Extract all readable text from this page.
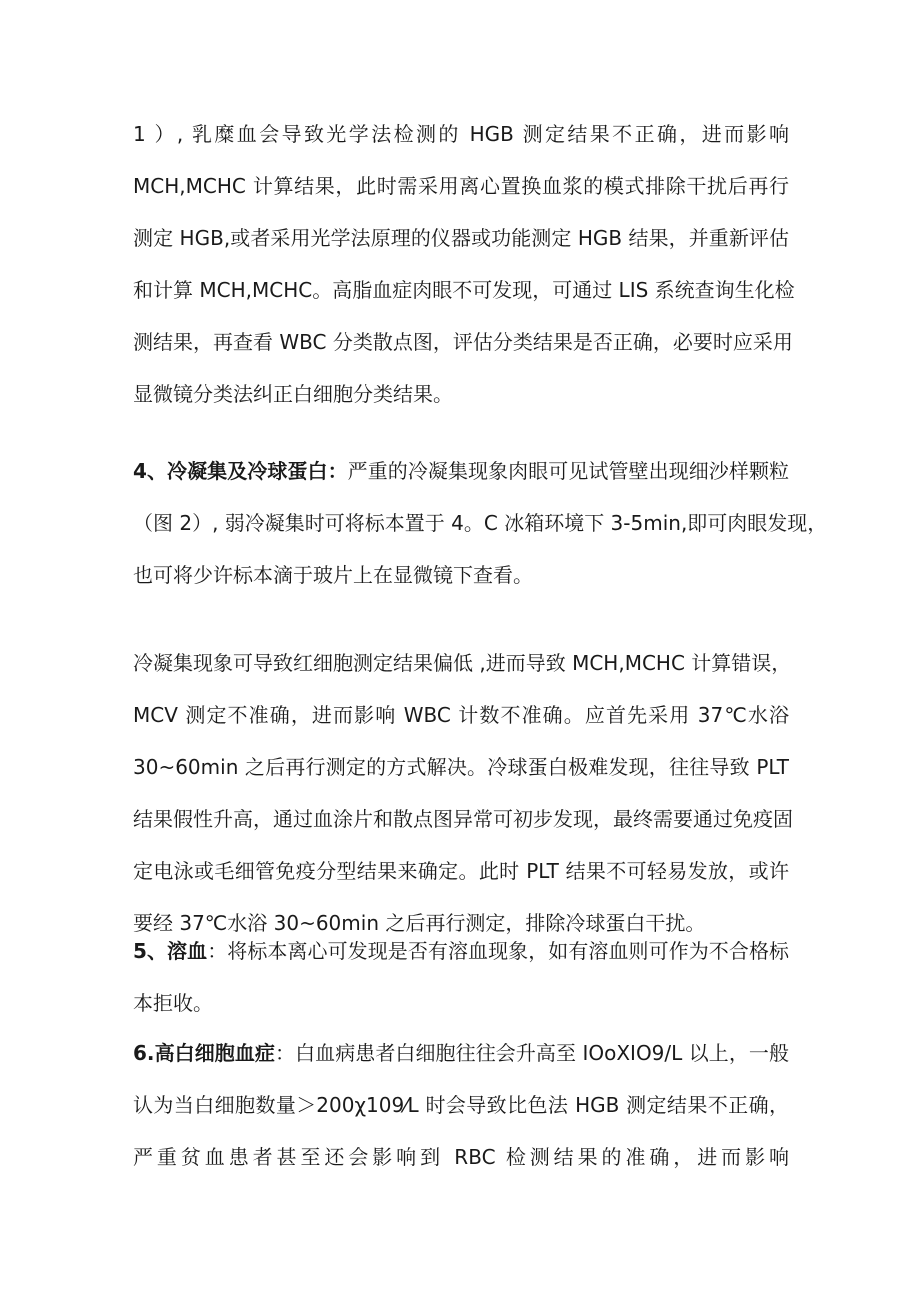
1 ）, 乳糜血会导致光学法检测的 HGB 测定结果不正确，进而影响
MCH,MCHC 计算结果，此时需采用离心置换血浆的模式排除干扰后再行
测定 HGB,或者采用光学法原理的仪器或功能测定 HGB 结果，并重新评估
和计算 MCH,MCHC。高脂血症肉眼不可发现，可通过 LIS 系统查询生化检
测结果，再查看 WBC 分类散点图，评估分类结果是否正确，必要时应采用
显微镜分类法纠正白细胞分类结果。
4、冷凝集及冷球蛋白：严重的冷凝集现象肉眼可见试管壁出现细沙样颗粒
（图 2）, 弱冷凝集时可将标本置于 4。C 冰箱环境下 3-5min,即可肉眼发现，
也可将少许标本滴于玻片上在显微镜下查看。
冷凝集现象可导致红细胞测定结果偏低 ,进而导致 MCH,MCHC 计算错误，
MCV 测定不准确，进而影响 WBC 计数不准确。应首先采用 37℃水浴
30~60min 之后再行测定的方式解决。冷球蛋白极难发现，往往导致 PLT
结果假性升高，通过血涂片和散点图异常可初步发现，最终需要通过免疫固
定电泳或毛细管免疫分型结果来确定。此时 PLT 结果不可轻易发放，或许
要经 37℃水浴 30~60min 之后再行测定，排除冷球蛋白干扰。
5、溶血：将标本离心可发现是否有溶血现象，如有溶血则可作为不合格标
本拒收。
6.高白细胞血症：白血病患者白细胞往往会升高至 IOoXIO9/L 以上，一般
认为当白细胞数量＞200χ109⁄L 时会导致比色法 HGB 测定结果不正确，
严重贫血患者甚至还会影响到 RBC 检测结果的准确，进而影响
